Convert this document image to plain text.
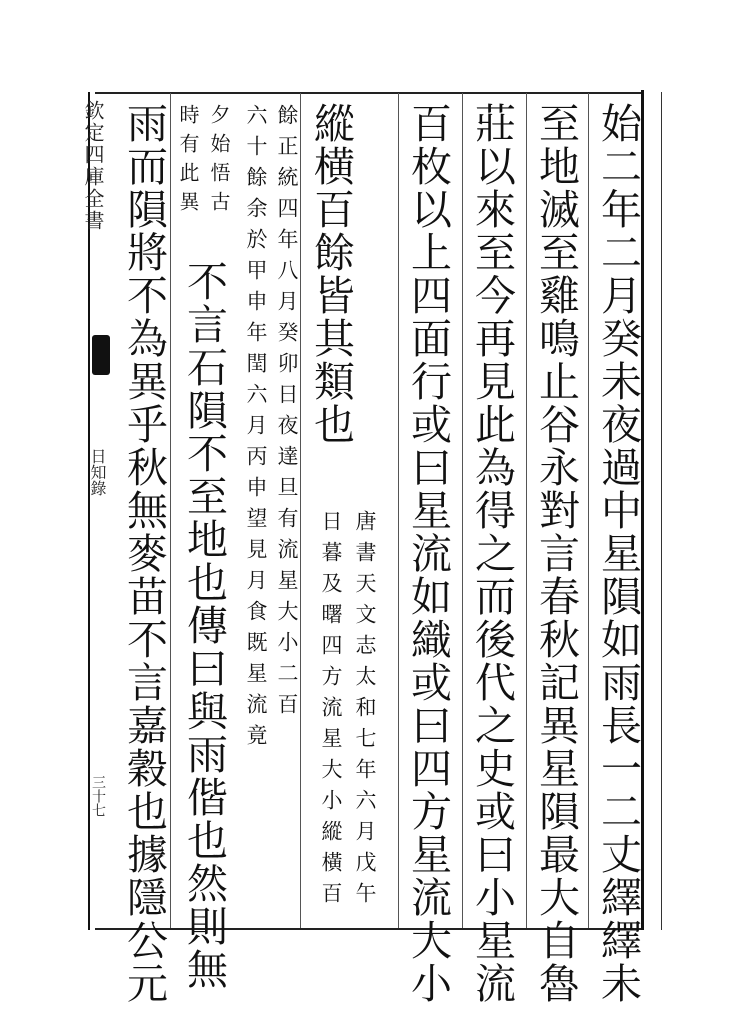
欽定四庫全書
日知錄
三十七	始二年二月癸未夜過中星隕如雨長一二丈繹繹未
至地滅至雞鳴止谷永對言春秋記異星隕最大自魯
莊以來至今再見此為得之而後代之史或曰小星流
百枚以上四面行或曰星流如織或曰四方星流大小
縱横百餘皆其類也
唐書天文志太和七年六月戊午
日暮及曙四方流星大小縱橫百
餘正統四年八月癸卯日夜達旦有流星大小二百
六十餘余於甲申年閏六月丙申望見月食既星流竟
夕始悟古
時有此異
不言石隕不至地也傳曰與雨偕也然則無
雨而隕將不為異乎秋無麥苗不言嘉穀也據隱公元
